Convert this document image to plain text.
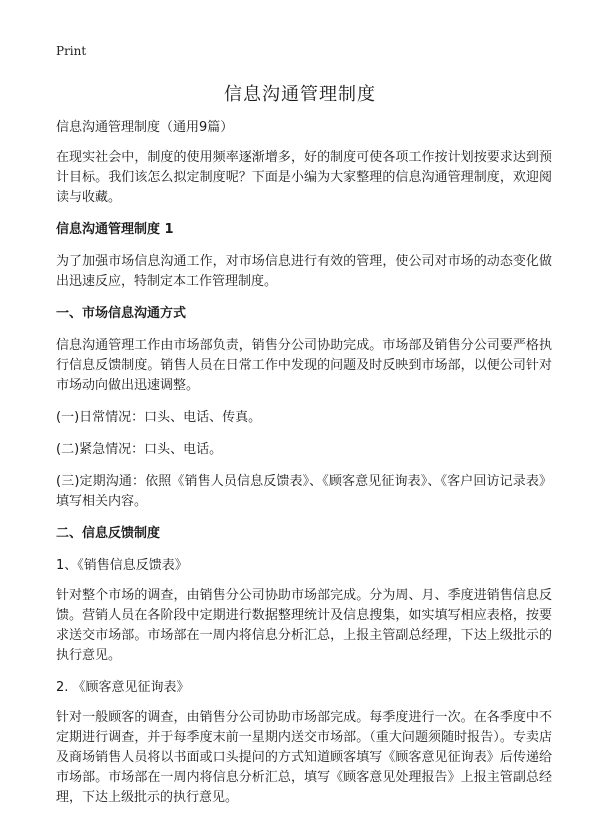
Print
信息沟通管理制度

信息沟通管理制度（通用9篇）

在现实社会中，制度的使用频率逐渐增多，好的制度可使各项工作按计划按要求达到预计目标。我们该怎么拟定制度呢？下面是小编为大家整理的信息沟通管理制度，欢迎阅读与收藏。

信息沟通管理制度 1

为了加强市场信息沟通工作，对市场信息进行有效的管理，使公司对市场的动态变化做出迅速反应，特制定本工作管理制度。

一、市场信息沟通方式

信息沟通管理工作由市场部负责，销售分公司协助完成。市场部及销售分公司要严格执行信息反馈制度。销售人员在日常工作中发现的问题及时反映到市场部，以便公司针对市场动向做出迅速调整。

(一)日常情况：口头、电话、传真。

(二)紧急情况：口头、电话。

(三)定期沟通：依照《销售人员信息反馈表》、《顾客意见征询表》、《客户回访记录表》填写相关内容。

二、信息反馈制度

1、《销售信息反馈表》

针对整个市场的调查，由销售分公司协助市场部完成。分为周、月、季度进销售信息反馈。营销人员在各阶段中定期进行数据整理统计及信息搜集，如实填写相应表格，按要求送交市场部。市场部在一周内将信息分析汇总，上报主管副总经理，下达上级批示的执行意见。

2. 《顾客意见征询表》

针对一般顾客的调查，由销售分公司协助市场部完成。每季度进行一次。在各季度中不定期进行调查，并于每季度末前一星期内送交市场部。（重大问题须随时报告）。专卖店及商场销售人员将以书面或口头提问的方式知道顾客填写《顾客意见征询表》后传递给市场部。市场部在一周内将信息分析汇总，填写《顾客意见处理报告》上报主管副总经理，下达上级批示的执行意见。
